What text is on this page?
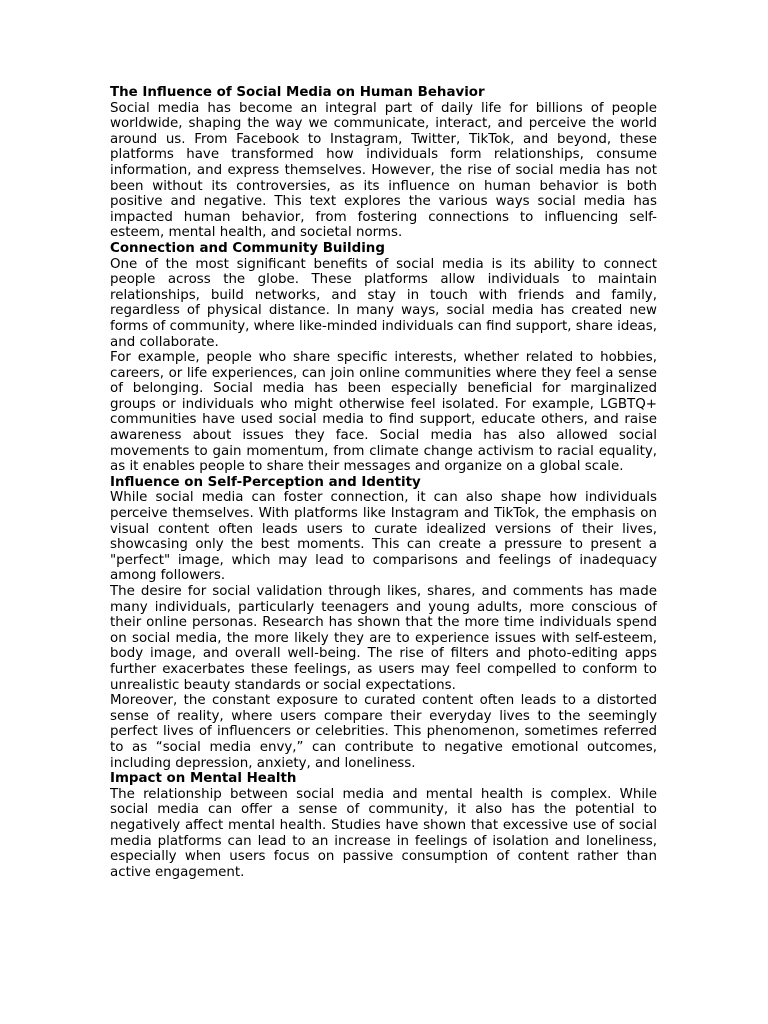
The Influence of Social Media on Human Behavior

Social media has become an integral part of daily life for billions of people worldwide, shaping the way we communicate, interact, and perceive the world around us. From Facebook to Instagram, Twitter, TikTok, and beyond, these platforms have transformed how individuals form relationships, consume information, and express themselves. However, the rise of social media has not been without its controversies, as its influence on human behavior is both positive and negative. This text explores the various ways social media has impacted human behavior, from fostering connections to influencing self-esteem, mental health, and societal norms.

Connection and Community Building

One of the most significant benefits of social media is its ability to connect people across the globe. These platforms allow individuals to maintain relationships, build networks, and stay in touch with friends and family, regardless of physical distance. In many ways, social media has created new forms of community, where like-minded individuals can find support, share ideas, and collaborate.

For example, people who share specific interests, whether related to hobbies, careers, or life experiences, can join online communities where they feel a sense of belonging. Social media has been especially beneficial for marginalized groups or individuals who might otherwise feel isolated. For example, LGBTQ+ communities have used social media to find support, educate others, and raise awareness about issues they face. Social media has also allowed social movements to gain momentum, from climate change activism to racial equality, as it enables people to share their messages and organize on a global scale.

Influence on Self-Perception and Identity

While social media can foster connection, it can also shape how individuals perceive themselves. With platforms like Instagram and TikTok, the emphasis on visual content often leads users to curate idealized versions of their lives, showcasing only the best moments. This can create a pressure to present a "perfect" image, which may lead to comparisons and feelings of inadequacy among followers.

The desire for social validation through likes, shares, and comments has made many individuals, particularly teenagers and young adults, more conscious of their online personas. Research has shown that the more time individuals spend on social media, the more likely they are to experience issues with self-esteem, body image, and overall well-being. The rise of filters and photo-editing apps further exacerbates these feelings, as users may feel compelled to conform to unrealistic beauty standards or social expectations.

Moreover, the constant exposure to curated content often leads to a distorted sense of reality, where users compare their everyday lives to the seemingly perfect lives of influencers or celebrities. This phenomenon, sometimes referred to as “social media envy,” can contribute to negative emotional outcomes, including depression, anxiety, and loneliness.

Impact on Mental Health

The relationship between social media and mental health is complex. While social media can offer a sense of community, it also has the potential to negatively affect mental health. Studies have shown that excessive use of social media platforms can lead to an increase in feelings of isolation and loneliness, especially when users focus on passive consumption of content rather than active engagement.
